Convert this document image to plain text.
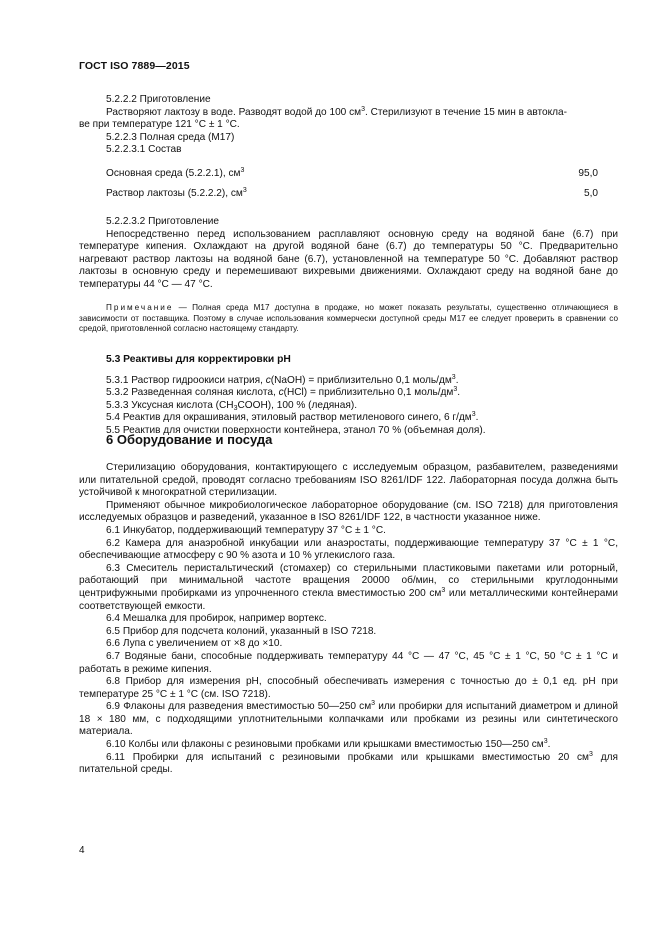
ГОСТ ISO 7889—2015
5.2.2.2 Приготовление
Растворяют лактозу в воде. Разводят водой до 100 $см^3$. Стерилизуют в течение 15 мин в автокла-
ве при температуре 121 °С ± 1 °С.
5.2.2.3 Полная среда (М17)
5.2.2.3.1 Состав
Основная среда (5.2.2.1), $см^3$	95,0
Раствор лактозы (5.2.2.2), $см^3$	5,0
5.2.2.3.2 Приготовление
Непосредственно перед использованием расплавляют основную среду на водяной бане (6.7) при температуре кипения. Охлаждают на другой водяной бане (6.7) до температуры 50 °С. Предварительно нагревают раствор лактозы на водяной бане (6.7), установленной на температуре 50 °С. Добавляют раствор лактозы в основную среду и перемешивают вихревыми движениями. Охлаждают среду на водяной бане до температуры 44 °С — 47 °С.
Примечание — Полная среда М17 доступна в продаже, но может показать результаты, существенно отличающиеся в зависимости от поставщика. Поэтому в случае использования коммерчески доступной среды М17 ее следует проверить в сравнении со средой, приготовленной согласно настоящему стандарту.
5.3 Реактивы для корректировки рН
5.3.1 Раствор гидроокиси натрия, c(NaOH) = приблизительно 0,1 моль/$дм^3$.
5.3.2 Разведенная соляная кислота, c(HCl) = приблизительно 0,1 моль/$дм^3$.
5.3.3 Уксусная кислота $(CH_3COOH)$, 100 % (ледяная).
5.4 Реактив для окрашивания, этиловый раствор метиленового синего, 6 $г/дм^3$.
5.5 Реактив для очистки поверхности контейнера, этанол 70 % (объемная доля).
6 Оборудование и посуда
Стерилизацию оборудования, контактирующего с исследуемым образцом, разбавителем, разведениями или питательной средой, проводят согласно требованиям ISO 8261/IDF 122. Лабораторная посуда должна быть устойчивой к многократной стерилизации.
Применяют обычное микробиологическое лабораторное оборудование (см. ISO 7218) для приготовления исследуемых образцов и разведений, указанное в ISO 8261/IDF 122, в частности указанное ниже.
6.1 Инкубатор, поддерживающий температуру 37 °С ± 1 °С.
6.2 Камера для анаэробной инкубации или анаэростаты, поддерживающие температуру 37 °С ± 1 °С, обеспечивающие атмосферу с 90 % азота и 10 % углекислого газа.
6.3 Смеситель перистальтический (стомахер) со стерильными пластиковыми пакетами или роторный, работающий при минимальной частоте вращения 20000 об/мин, со стерильными круглодонными центрифужными пробирками из упрочненного стекла вместимостью 200 $см^3$ или металлическими контейнерами соответствующей емкости.
6.4 Мешалка для пробирок, например вортекс.
6.5 Прибор для подсчета колоний, указанный в ISO 7218.
6.6 Лупа с увеличением от ×8 до ×10.
6.7 Водяные бани, способные поддерживать температуру 44 °С — 47 °С, 45 °С ± 1 °С, 50 °С ± 1 °С и работать в режиме кипения.
6.8 Прибор для измерения рН, способный обеспечивать измерения с точностью до ± 0,1 ед. рН при температуре 25 °С ± 1 °С (см. ISO 7218).
6.9 Флаконы для разведения вместимостью 50—250 $см^3$ или пробирки для испытаний диаметром и длиной 18 × 180 мм, с подходящими уплотнительными колпачками или пробками из резины или синтетического материала.
6.10 Колбы или флаконы с резиновыми пробками или крышками вместимостью 150—250 $см^3$.
6.11 Пробирки для испытаний с резиновыми пробками или крышками вместимостью 20 $см^3$ для питательной среды.
4
